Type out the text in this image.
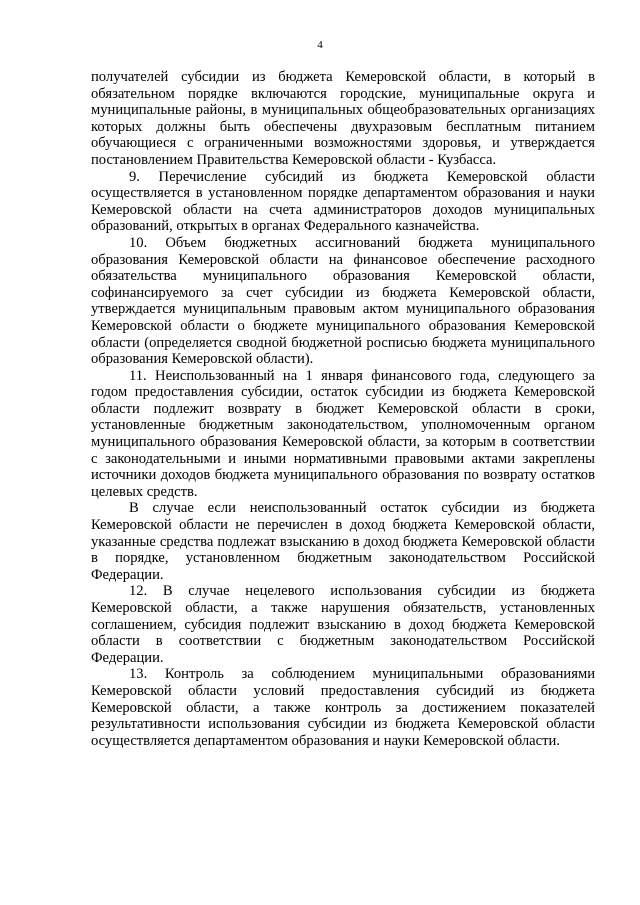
4

получателей субсидии из бюджета Кемеровской области, в который в обязательном порядке включаются городские, муниципальные округа и муниципальные районы, в муниципальных общеобразовательных организациях которых должны быть обеспечены двухразовым бесплатным питанием обучающиеся с ограниченными возможностями здоровья, и утверждается постановлением Правительства Кемеровской области - Кузбасса.

9. Перечисление субсидий из бюджета Кемеровской области осуществляется в установленном порядке департаментом образования и науки Кемеровской области на счета администраторов доходов муниципальных образований, открытых в органах Федерального казначейства.

10. Объем бюджетных ассигнований бюджета муниципального образования Кемеровской области на финансовое обеспечение расходного обязательства муниципального образования Кемеровской области, софинансируемого за счет субсидии из бюджета Кемеровской области, утверждается муниципальным правовым актом муниципального образования Кемеровской области о бюджете муниципального образования Кемеровской области (определяется сводной бюджетной росписью бюджета муниципального образования Кемеровской области).

11. Неиспользованный на 1 января финансового года, следующего за годом предоставления субсидии, остаток субсидии из бюджета Кемеровской области подлежит возврату в бюджет Кемеровской области в сроки, установленные бюджетным законодательством, уполномоченным органом муниципального образования Кемеровской области, за которым в соответствии с законодательными и иными нормативными правовыми актами закреплены источники доходов бюджета муниципального образования по возврату остатков целевых средств.

В случае если неиспользованный остаток субсидии из бюджета Кемеровской области не перечислен в доход бюджета Кемеровской области, указанные средства подлежат взысканию в доход бюджета Кемеровской области в порядке, установленном бюджетным законодательством Российской Федерации.

12. В случае нецелевого использования субсидии из бюджета Кемеровской области, а также нарушения обязательств, установленных соглашением, субсидия подлежит взысканию в доход бюджета Кемеровской области в соответствии с бюджетным законодательством Российской Федерации.

13. Контроль за соблюдением муниципальными образованиями Кемеровской области условий предоставления субсидий из бюджета Кемеровской области, а также контроль за достижением показателей результативности использования субсидии из бюджета Кемеровской области осуществляется департаментом образования и науки Кемеровской области.
